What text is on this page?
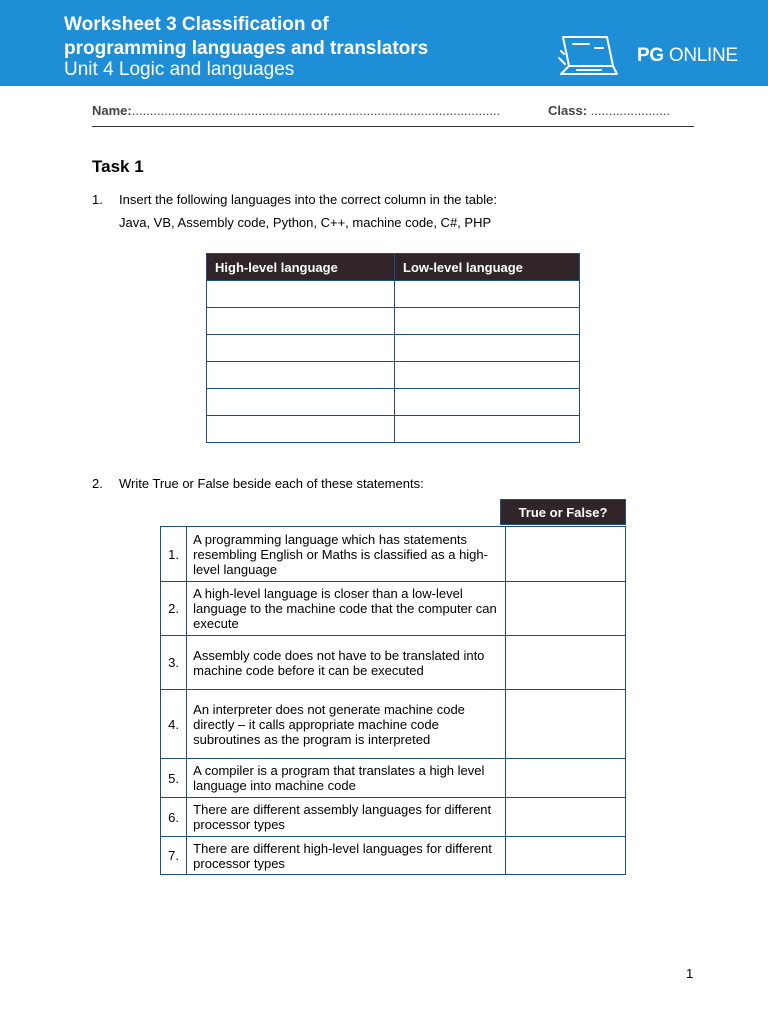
Worksheet 3 Classification of
programming languages and translators
Unit 4 Logic and languages
PG ONLINE
Name:......................................................................................................	Class: ......................
Task 1
1. Insert the following languages into the correct column in the table:
Java, VB, Assembly code, Python, C++, machine code, C#, PHP
High-level language	Low-level language

2. Write True or False beside each of these statements:
True or False?
1.	A programming language which has statements resembling English or Maths is classified as a high-level language	
2.	A high-level language is closer than a low-level language to the machine code that the computer can execute	
3.	Assembly code does not have to be translated into machine code before it can be executed	
4.	An interpreter does not generate machine code directly – it calls appropriate machine code subroutines as the program is interpreted	
5.	A compiler is a program that translates a high level language into machine code	
6.	There are different assembly languages for different processor types	
7.	There are different high-level languages for different processor types	
1
